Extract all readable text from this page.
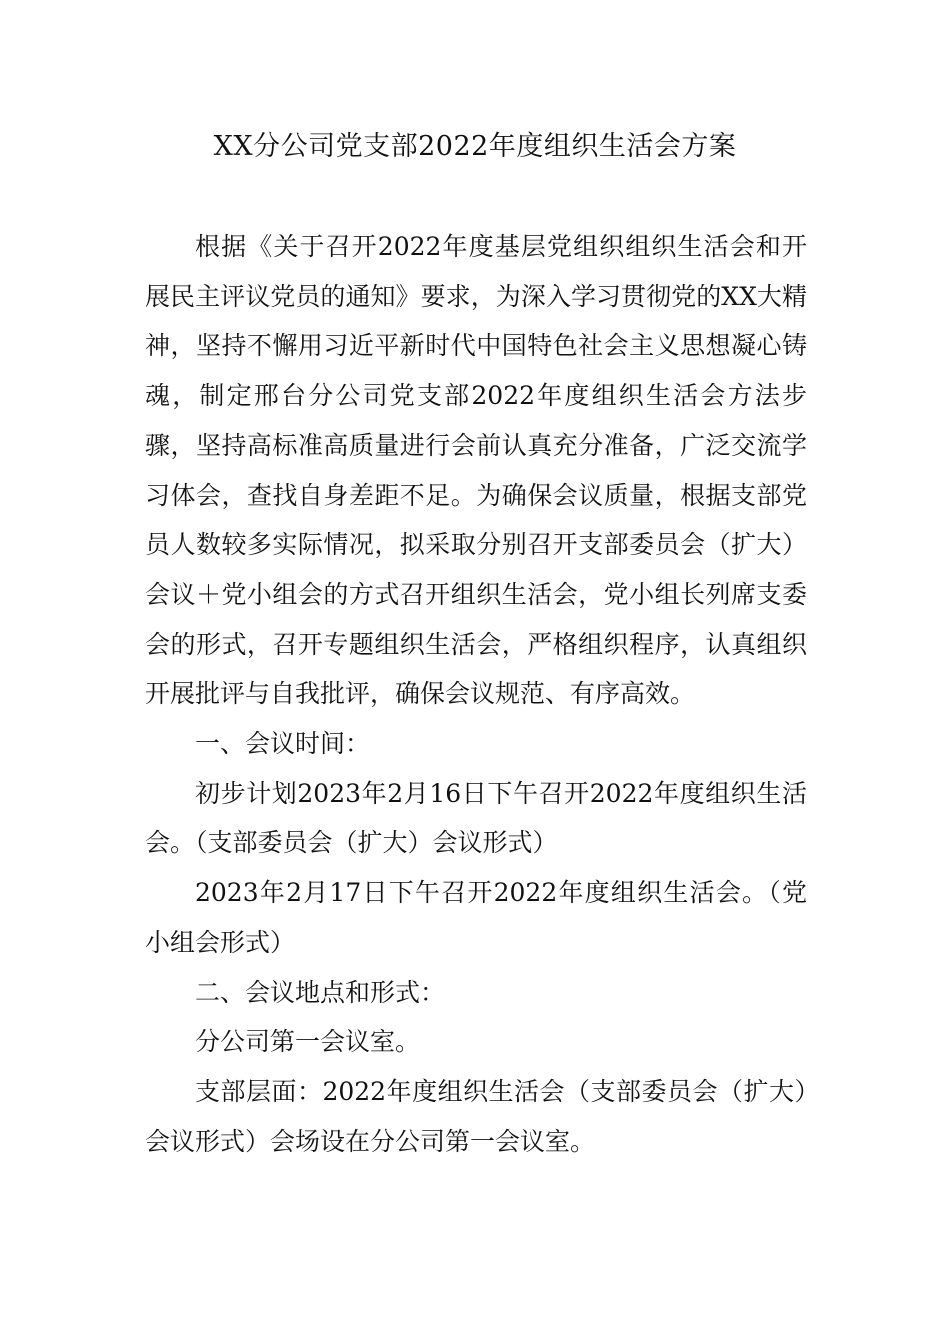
XX分公司党支部2022年度组织生活会方案

根据《关于召开2022年度基层党组织组织生活会和开展民主评议党员的通知》要求，为深入学习贯彻党的XX大精神，坚持不懈用习近平新时代中国特色社会主义思想凝心铸魂，制定邢台分公司党支部2022年度组织生活会方法步骤，坚持高标准高质量进行会前认真充分准备，广泛交流学习体会，查找自身差距不足。为确保会议质量，根据支部党员人数较多实际情况，拟采取分别召开支部委员会（扩大）会议＋党小组会的方式召开组织生活会，党小组长列席支委会的形式，召开专题组织生活会，严格组织程序，认真组织开展批评与自我批评，确保会议规范、有序高效。

一、会议时间：

初步计划2023年2月16日下午召开2022年度组织生活会。（支部委员会（扩大）会议形式）

2023年2月17日下午召开2022年度组织生活会。（党小组会形式）

二、会议地点和形式：

分公司第一会议室。

支部层面：2022年度组织生活会（支部委员会（扩大）会议形式）会场设在分公司第一会议室。
